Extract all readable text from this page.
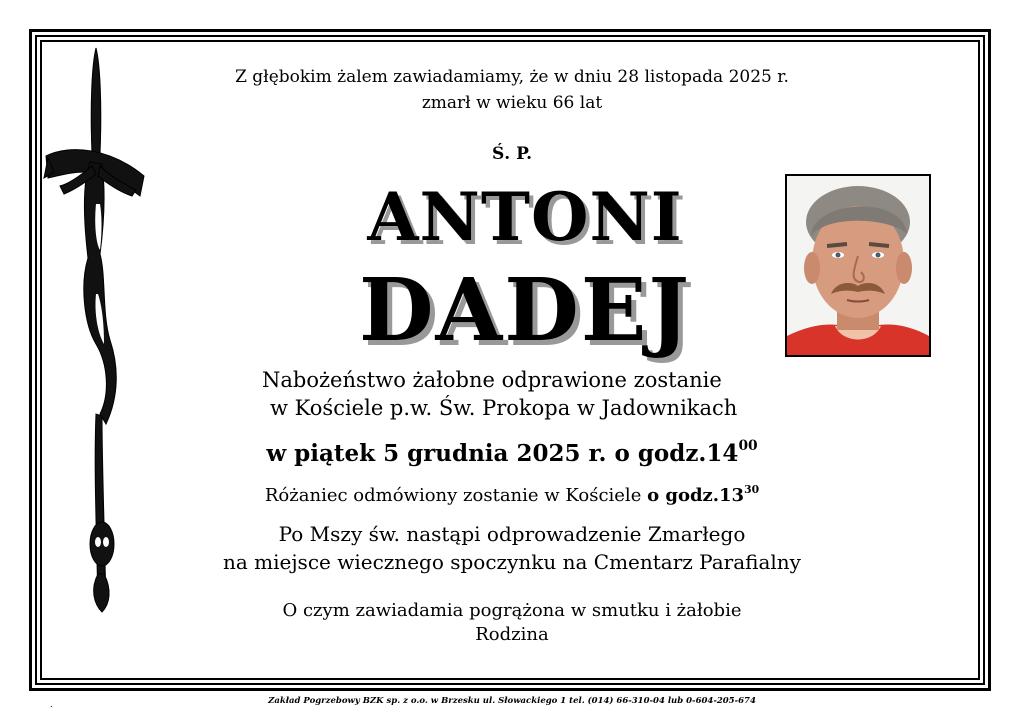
Z głębokim żalem zawiadamiamy, że w dniu 28 listopada 2025 r.
zmarł w wieku 66 lat
Ś. P.
ANTONI
DADEJ
Nabożeństwo żałobne odprawione zostanie
w Kościele p.w. Św. Prokopa w Jadownikach
w piątek 5 grudnia 2025 r. o $godz.14^{00}$
Różaniec odmówiony zostanie w Kościele o $godz.13^{30}$
Po Mszy św. nastąpi odprowadzenie Zmarłego
na miejsce wiecznego spoczynku na Cmentarz Parafialny
O czym zawiadamia pogrążona w smutku i żałobie
Rodzina
.	Zakład Pogrzebowy BZK sp. z o.o. w Brzesku ul. Słowackiego 1 tel. (014) 66-310-04 lub 0-604-205-674
